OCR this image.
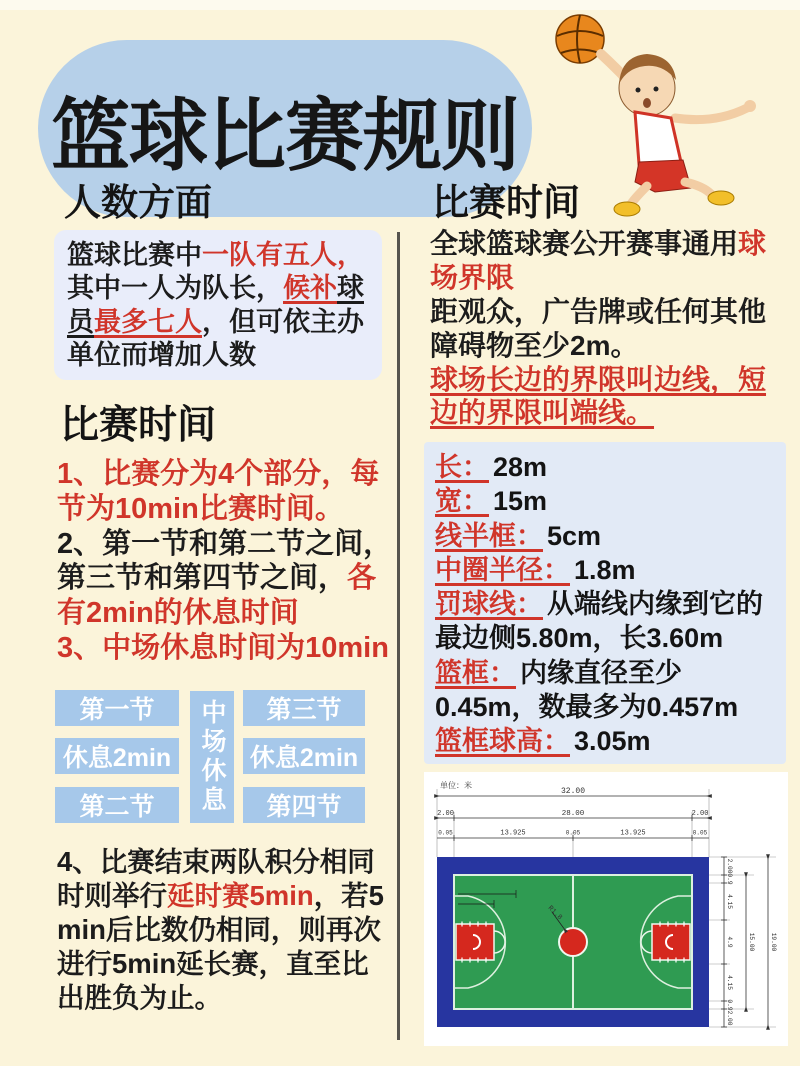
篮球比赛规则
人数方面	比赛时间
篮球比赛中一队有五人，其中一人为队长，候补球员最多七人，但可依主办单位而增加人数
比赛时间
1、比赛分为4个部分，每节为10min比赛时间。
2、第一节和第二节之间，第三节和第四节之间，各有2min的休息时间
3、中场休息时间为10min
第一节
休息2min
第二节	中场休息	第三节
休息2min
第四节
4、比赛结束两队积分相同时则举行延时赛5min，若5min后比数仍相同，则再次进行5min延长赛，直至比出胜负为止。
全球篮球赛公开赛事通用球场界限
距观众，广告牌或任何其他障碍物至少2m。
球场长边的界限叫边线，短边的界限叫端线。
长： 28m
宽： 15m
线半框： 5cm
中圈半径： 1.8m
罚球线： 从端线内缘到它的最边侧5.80m，长3.60m
篮框： 内缘直径至少0.45m，数最多为0.457m
篮框球高： 3.05m
单位：米
32.00
2.00	28.00	2.00
0.05	13.925	0.05	13.925	0.05
R1.8
2.00
0.9
4.15
4.9
4.15
0.9
2.00
15.00 19.00
